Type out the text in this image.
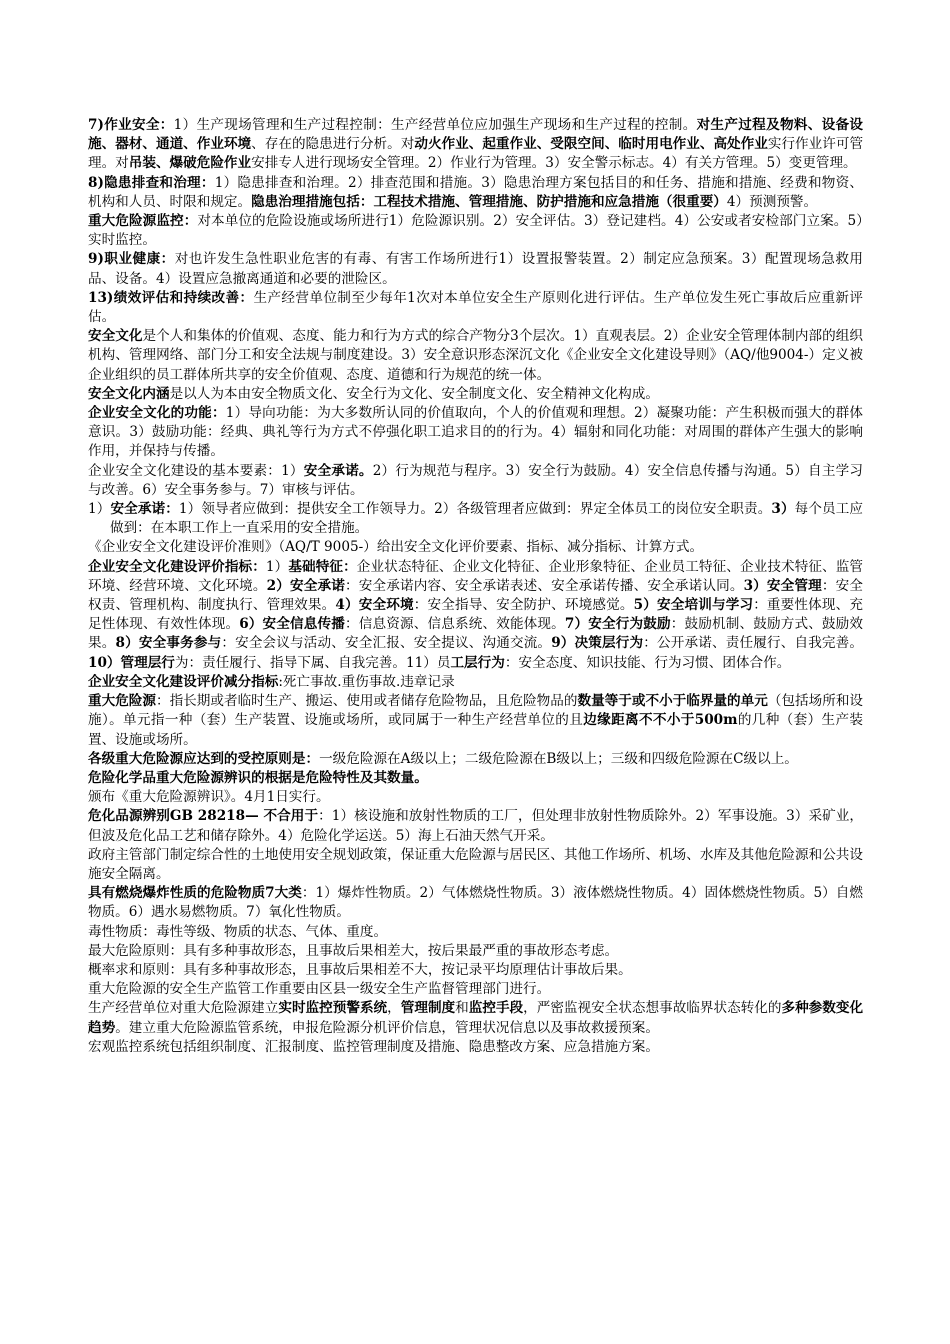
7)作业安全：1）生产现场管理和生产过程控制：生产经营单位应加强生产现场和生产过程的控制。对生产过程及物料、设备设施、器材、通道、作业环境、存在的隐患进行分析。对动火作业、起重作业、受限空间、临时用电作业、高处作业实行作业许可管理。对吊装、爆破危险作业安排专人进行现场安全管理。2）作业行为管理。3）安全警示标志。4）有关方管理。5）变更管理。

8)隐患排查和治理：1）隐患排查和治理。2）排查范围和措施。3）隐患治理方案包括目的和任务、措施和措施、经费和物资、机构和人员、时限和规定。隐患治理措施包括：工程技术措施、管理措施、防护措施和应急措施（很重要）4）预测预警。

重大危险源监控：对本单位的危险设施或场所进行1）危险源识别。2）安全评估。3）登记建档。4）公安或者安检部门立案。5）实时监控。

9)职业健康：对也许发生急性职业危害的有毒、有害工作场所进行1）设置报警装置。2）制定应急预案。3）配置现场急救用品、设备。4）设置应急撤离通道和必要的泄险区。

13)绩效评估和持续改善：生产经营单位制至少每年1次对本单位安全生产原则化进行评估。生产单位发生死亡事故后应重新评估。

安全文化是个人和集体的价值观、态度、能力和行为方式的综合产物分3个层次。1）直观表层。2）企业安全管理体制内部的组织机构、管理网络、部门分工和安全法规与制度建设。3）安全意识形态深沉文化《企业安全文化建设导则》（AQ/他9004-）定义被企业组织的员工群体所共享的安全价值观、态度、道德和行为规范的统一体。

安全文化内涵是以人为本由安全物质文化、安全行为文化、安全制度文化、安全精神文化构成。

企业安全文化的功能：1）导向功能：为大多数所认同的价值取向，个人的价值观和理想。2）凝聚功能：产生积极而强大的群体意识。3）鼓励功能：经典、典礼等行为方式不停强化职工追求目的的行为。4）辐射和同化功能：对周围的群体产生强大的影响作用，并保持与传播。

企业安全文化建设的基本要素：1）安全承诺。2）行为规范与程序。3）安全行为鼓励。4）安全信息传播与沟通。5）自主学习与改善。6）安全事务参与。7）审核与评估。

1）安全承诺：1）领导者应做到：提供安全工作领导力。2）各级管理者应做到：界定全体员工的岗位安全职责。3）每个员工应做到：在本职工作上一直采用的安全措施。

《企业安全文化建设评价准则》（AQ/T 9005-）给出安全文化评价要素、指标、减分指标、计算方式。

企业安全文化建设评价指标：1）基础特征：企业状态特征、企业文化特征、企业形象特征、企业员工特征、企业技术特征、监管环境、经营环境、文化环境。2）安全承诺：安全承诺内容、安全承诺表述、安全承诺传播、安全承诺认同。3）安全管理：安全权责、管理机构、制度执行、管理效果。4）安全环境：安全指导、安全防护、环境感觉。5）安全培训与学习：重要性体现、充足性体现、有效性体现。6）安全信息传播：信息资源、信息系统、效能体现。7）安全行为鼓励：鼓励机制、鼓励方式、鼓励效果。8）安全事务参与：安全会议与活动、安全汇报、安全提议、沟通交流。9）决策层行为：公开承诺、责任履行、自我完善。10）管理层行为：责任履行、指导下属、自我完善。11）员工层行为：安全态度、知识技能、行为习惯、团体合作。

企业安全文化建设评价减分指标:死亡事故.重伤事故.违章记录

重大危险源：指长期或者临时生产、搬运、使用或者储存危险物品，且危险物品的数量等于或不小于临界量的单元（包括场所和设施）。单元指一种（套）生产装置、设施或场所，或同属于一种生产经营单位的且边缘距离不不小于500m的几种（套）生产装置、设施或场所。

各级重大危险源应达到的受控原则是：一级危险源在A级以上；二级危险源在B级以上；三级和四级危险源在C级以上。

危险化学品重大危险源辨识的根据是危险特性及其数量。

颁布《重大危险源辨识》。4月1日实行。

危化品源辨别GB 28218— 不合用于：1）核设施和放射性物质的工厂，但处理非放射性物质除外。2）军事设施。3）采矿业，但波及危化品工艺和储存除外。4）危险化学运送。5）海上石油天然气开采。

政府主管部门制定综合性的土地使用安全规划政策，保证重大危险源与居民区、其他工作场所、机场、水库及其他危险源和公共设施安全隔离。

具有燃烧爆炸性质的危险物质7大类：1）爆炸性物质。2）气体燃烧性物质。3）液体燃烧性物质。4）固体燃烧性物质。5）自燃物质。6）遇水易燃物质。7）氧化性物质。

毒性物质：毒性等级、物质的状态、气体、重度。

最大危险原则：具有多种事故形态，且事故后果相差大，按后果最严重的事故形态考虑。

概率求和原则：具有多种事故形态，且事故后果相差不大，按记录平均原理估计事故后果。

重大危险源的安全生产监管工作重要由区县一级安全生产监督管理部门进行。

生产经营单位对重大危险源建立实时监控预警系统，管理制度和监控手段，严密监视安全状态想事故临界状态转化的多种参数变化趋势。建立重大危险源监管系统，申报危险源分机评价信息，管理状况信息以及事故救援预案。

宏观监控系统包括组织制度、汇报制度、监控管理制度及措施、隐患整改方案、应急措施方案。
